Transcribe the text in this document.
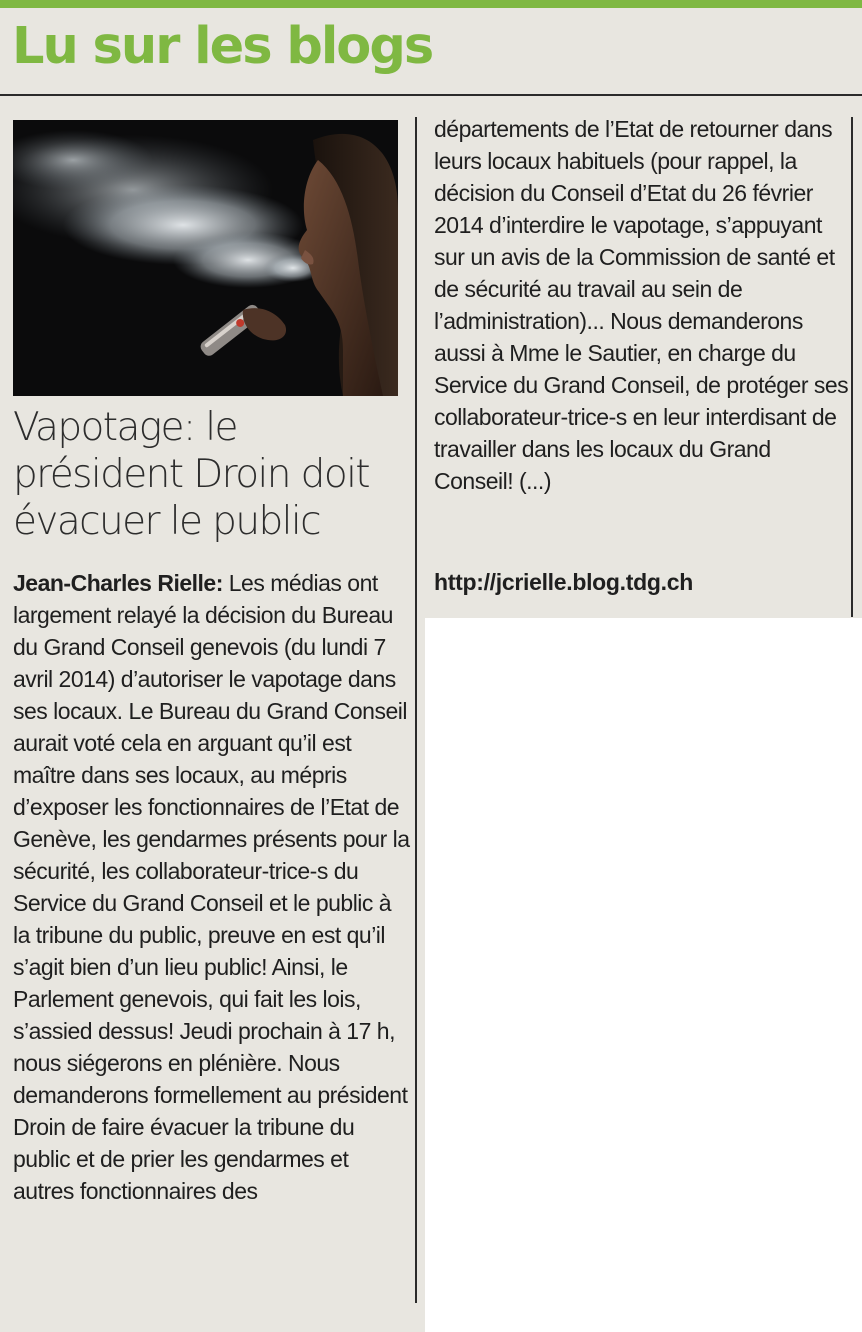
Lu sur les blogs
Vapotage: le président Droin doit évacuer le public
Jean-Charles Rielle: Les médias ont largement relayé la décision du Bureau du Grand Conseil genevois (du lundi 7 avril 2014) d’autoriser le vapotage dans ses locaux. Le Bureau du Grand Conseil aurait voté cela en arguant qu’il est maître dans ses locaux, au mépris d’exposer les fonctionnaires de l’Etat de Genève, les gendarmes présents pour la sécurité, les collaborateur-trice-s du Service du Grand Conseil et le public à la tribune du public, preuve en est qu’il s’agit bien d’un lieu public! Ainsi, le Parlement genevois, qui fait les lois, s’assied dessus! Jeudi prochain à 17 h, nous siégerons en plénière. Nous demanderons formellement au président Droin de faire évacuer la tribune du public et de prier les gendarmes et autres fonctionnaires des
départements de l’Etat de retourner dans leurs locaux habituels (pour rappel, la décision du Conseil d’Etat du 26 février 2014 d’interdire le vapotage, s’appuyant sur un avis de la Commission de santé et de sécurité au travail au sein de l’administration)... Nous demanderons aussi à Mme le Sautier, en charge du Service du Grand Conseil, de protéger ses collaborateur-trice-s en leur interdisant de travailler dans les locaux du Grand Conseil! (...)
http://jcrielle.blog.tdg.ch
